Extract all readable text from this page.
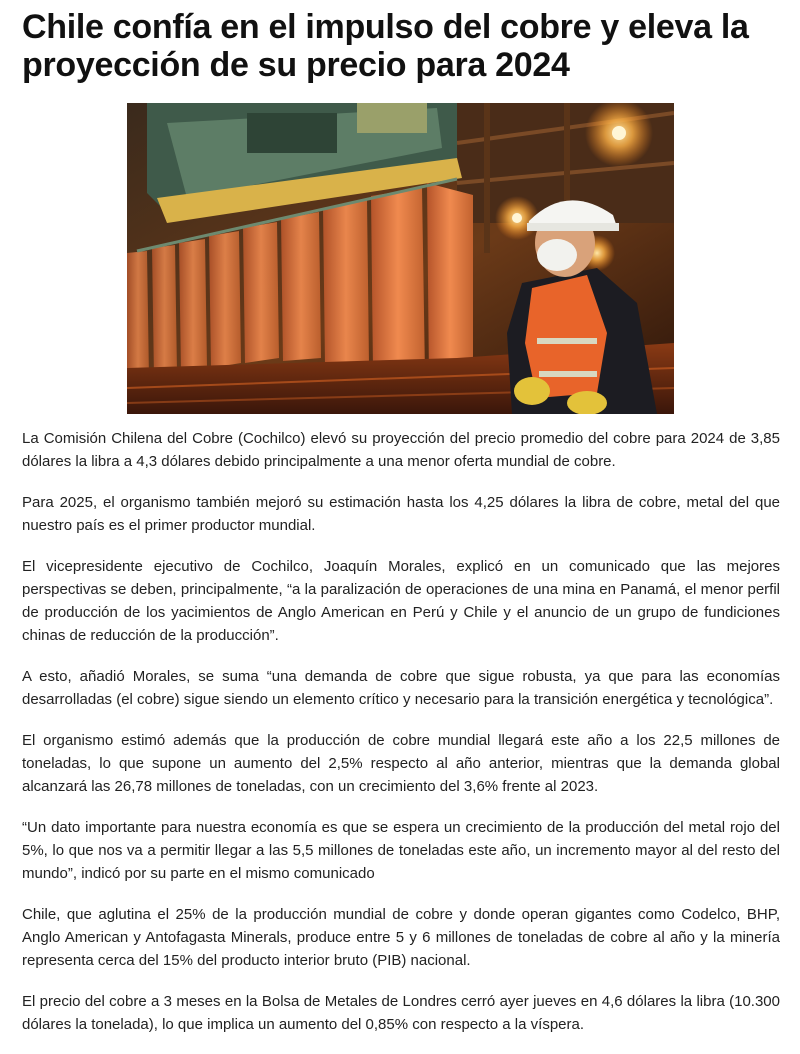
Chile confía en el impulso del cobre y eleva la proyección de su precio para 2024

La Comisión Chilena del Cobre (Cochilco) elevó su proyección del precio promedio del cobre para 2024 de 3,85 dólares la libra a 4,3 dólares debido principalmente a una menor oferta mundial de cobre.

Para 2025, el organismo también mejoró su estimación hasta los 4,25 dólares la libra de cobre, metal del que nuestro país es el primer productor mundial.

El vicepresidente ejecutivo de Cochilco, Joaquín Morales, explicó en un comunicado que las mejores perspectivas se deben, principalmente, “a la paralización de operaciones de una mina en Panamá, el menor perfil de producción de los yacimientos de Anglo American en Perú y Chile y el anuncio de un grupo de fundiciones chinas de reducción de la producción”.

A esto, añadió Morales, se suma “una demanda de cobre que sigue robusta, ya que para las economías desarrolladas (el cobre) sigue siendo un elemento crítico y necesario para la transición energética y tecnológica”.

El organismo estimó además que la producción de cobre mundial llegará este año a los 22,5 millones de toneladas, lo que supone un aumento del 2,5% respecto al año anterior, mientras que la demanda global alcanzará las 26,78 millones de toneladas, con un crecimiento del 3,6% frente al 2023.

“Un dato importante para nuestra economía es que se espera un crecimiento de la producción del metal rojo del 5%, lo que nos va a permitir llegar a las 5,5 millones de toneladas este año, un incremento mayor al del resto del mundo”, indicó por su parte en el mismo comunicado

Chile, que aglutina el 25% de la producción mundial de cobre y donde operan gigantes como Codelco, BHP, Anglo American y Antofagasta Minerals, produce entre 5 y 6 millones de toneladas de cobre al año y la minería representa cerca del 15% del producto interior bruto (PIB) nacional.

El precio del cobre a 3 meses en la Bolsa de Metales de Londres cerró ayer jueves en 4,6 dólares la libra (10.300 dólares la tonelada), lo que implica un aumento del 0,85% con respecto a la víspera.
